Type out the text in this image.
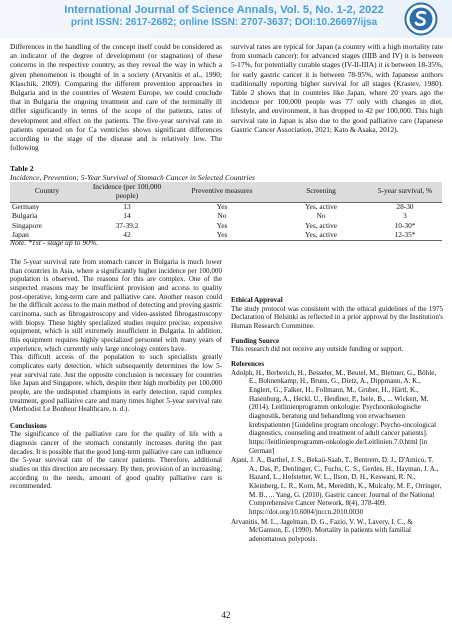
International Journal of Science Annals, Vol. 5, No. 1-2, 2022
print ISSN: 2617-2682; online ISSN: 2707-3637; DOI:10.26697/ijsa

Differences in the handling of the concept itself could be considered as an indicator of the degree of development (or stagnation) of these concerns in the respective country, as they reveal the way in which a given phenomenon is thought of in a society (Arvanitis et al., 1990; Klaschik, 2009). Comparing the different prevention approaches in Bulgaria and in the countries of Western Europe, we could conclude that in Bulgaria the ongoing treatment and care of the terminally ill differ significantly in terms of the scope of the patients, rates of development and effect on the patients. The five-year survival rate in patients operated on for Ca ventricles shows significant differences according to the stage of the disease and is relatively low. The following

survival rates are typical for Japan (a country with a high mortality rate from stomach cancer): for advanced stages (IIIB and IV) it is between 5-17%, for potentially curable stages (IV-II-IIIA) it is between 18-35%, for early gastric cancer it is between 78-95%, with Japanese authors traditionally reporting higher survival for all stages (Krastev, 1980). Table 2 shows that in countries like Japan, where 20 years ago the incidence per 100,000 people was 77 only with changes in diet, lifestyle, and environment, it has dropped to 42 per 100,000. This high survival rate in Japan is also due to the good palliative care (Japanese Gastric Cancer Association, 2021; Kato & Asaka, 2012).

Table 2
Incidence, Prevention; 5-Year Survival of Stomach Cancer in Selected Countries
Country	Incidence (per 100,000 people)	Preventive measures	Screening	5-year survival, %
Germany	13	Yes	Yes, active	28-30
Bulgaria	14	No	No	3
Singapore	37-39.2	Yes	Yes, active	10-30*
Japan	42	Yes	Yes, active	12-35*
Note. *1st - stage up to 90%.

The 5-year survival rate from stomach cancer in Bulgaria is much lower than countries in Asia, where a significantly higher incidence per 100,000 population is observed. The reasons for this are complex. One of the suspected reasons may be insufficient provision and access to quality post-operative, long-term care and palliative care. Another reason could be the difficult access to the main method of detecting and proving gastric carcinoma, such as fibrogastroscopy and video-assisted fibrogastroscopy with biopsy. These highly specialized studies require precise, expensive equipment, which is still extremely insufficient in Bulgaria. In addition, this equipment requires highly specialized personnel with many years of experience, which currently only large oncology centers have.

This difficult access of the population to such specialists greatly complicates early detection, which subsequently determines the low 5-year survival rate. Just the opposite conclusion is necessary for countries like Japan and Singapore, which, despite their high morbidity per 100,000 people, are the undisputed champions in early detection, rapid complex treatment, good palliative care and many times higher 5-year survival rate (Methodist Le Bonheur Healthcare, n. d.).

Conclusions

The significance of the palliative care for the quality of life with a diagnosis cancer of the stomach constantly increases during the past decades. It is possible that the good long-term palliative care can influence the 5-year survival rate of the cancer patients. Therefore, additional studies on this direction are necessary. By then, provision of an increasing, according to the needs, amount of good quality palliative care is recommended.

Ethical Approval

The study protocol was consistent with the ethical guidelines of the 1975 Declaration of Helsinki as reflected in a prior approval by the Institution's Human Research Committee.

Funding Source

This research did not receive any outside funding or support.

References

Adolph, H., Berberich, H., Besseler, M., Beutel, M., Blettner, G., Böhle, E., Bohnenkamp, H., Bruns, G., Dietz, A., Dippmann, A. K., Englert, G., Falker, H., Follmann, M., Gruber, H., Härtl, K., Hasenburg, A., Heckl, U., Heußner, P., Isele, B., ... Wickert, M. (2014). Leitlinienprogramm onkologie: Psychoonkologische diagnostik, beratung und behandlung von erwachsenen krebspatienten [Guideline program oncology: Psycho-oncological diagnostics, counseling and treatment of adult cancer patients]. https://leitlinienprogramm-onkologie.de/Leitlinien.7.0.html [in German]

Ajani, J. A., Barthel, J. S., Bekaii-Saab, T., Bentrem, D. J., D'Amico, T. A., Das, P., Denlinger, C., Fuchs, C. S., Gerdes, H., Hayman, J. A., Hazard, L., Hofstetter, W. L., Ilson, D. H., Keswani, R. N., Kleinberg, L. R., Korn, M., Meredith, K., Mulcahy, M. F., Orringer, M. B., ... Yang, G. (2010). Gastric cancer. Journal of the National Comprehensive Cancer Network, 8(4), 378-409. https://doi.org/10.6004/jnccn.2010.0030

Arvanitis, M. L., Jagelman, D. G., Fazio, V. W., Lavery, I. C., & McGannon, E. (1990). Mortality in patients with familial adenomatous polyposis.

42
